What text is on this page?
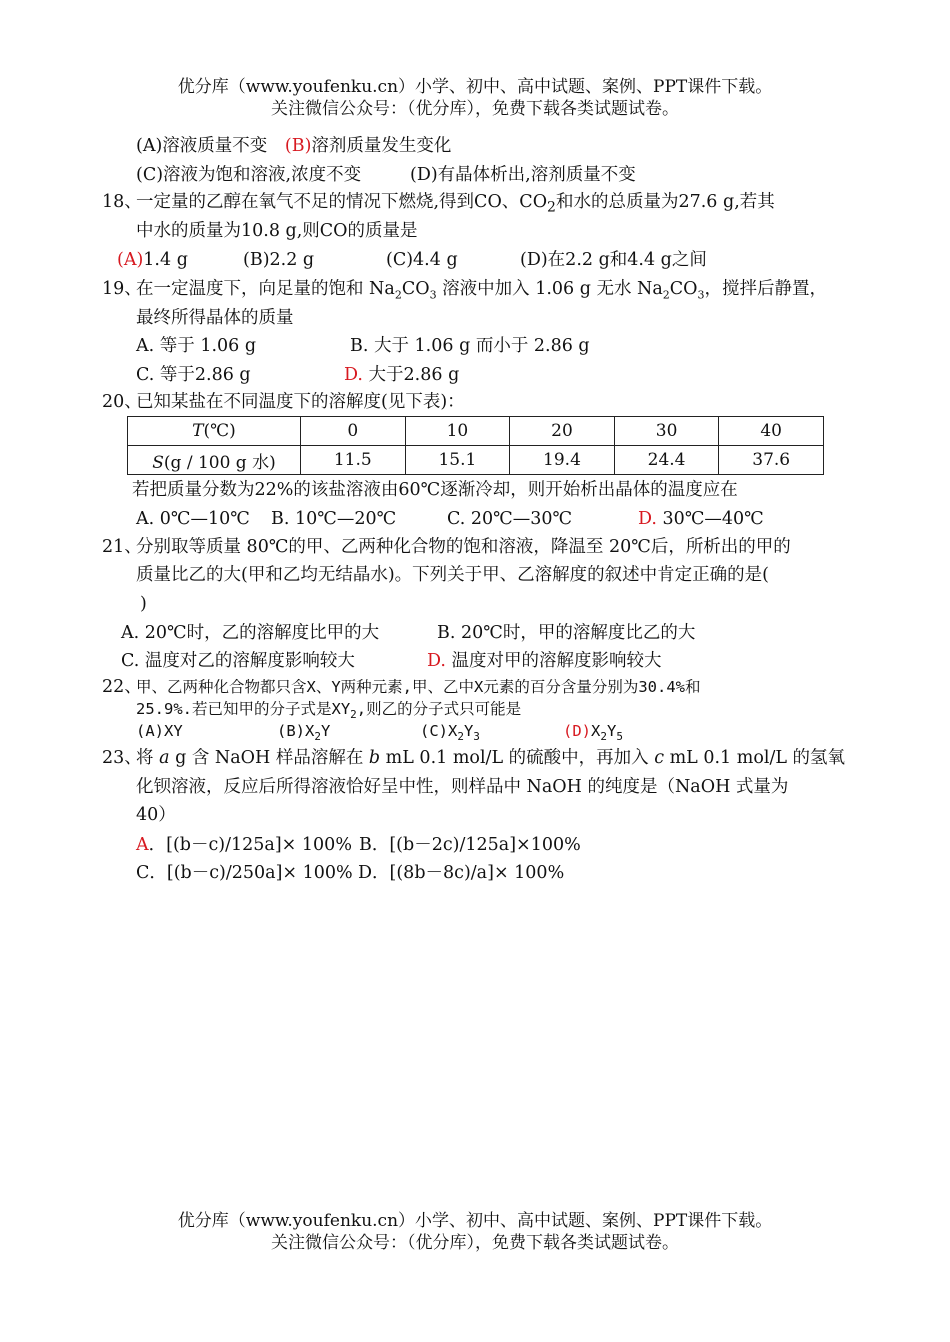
优分库（www.youfenku.cn）小学、初中、高中试题、案例、PPT课件下载。
关注微信公众号：（优分库），免费下载各类试题试卷。
(A)溶液质量不变 (B)溶剂质量发生变化
(C)溶液为饱和溶液,浓度不变	(D)有晶体析出,溶剂质量不变
18、
一定量的乙醇在氧气不足的情况下燃烧,得到CO、$CO_2$和水的总质量为27.6 g,若其
中水的质量为10.8 g,则CO的质量是
(A)1.4 g	(B)2.2 g	(C)4.4 g	(D)在2.2 g和4.4 g之间
19、
在一定温度下，向足量的饱和 $Na_2CO_3$ 溶液中加入 1.06 g 无水 $Na_2CO_3$，搅拌后静置，
最终所得晶体的质量
A. 等于 1.06 g	B. 大于 1.06 g 而小于 2.86 g
C. 等于2.86 g	D. 大于2.86 g
20、
已知某盐在不同温度下的溶解度(见下表)：
T(℃)	0	10	20	30	40
S(g / 100 g 水)	11.5	15.1	19.4	24.4	37.6
若把质量分数为22%的该盐溶液由60℃逐渐冷却，则开始析出晶体的温度应在
A. 0℃—10℃ B. 10℃—20℃	C. 20℃—30℃	D. 30℃—40℃
21、
分别取等质量 80℃的甲、乙两种化合物的饱和溶液，降温至 20℃后，所析出的甲的
质量比乙的大(甲和乙均无结晶水)。下列关于甲、乙溶解度的叙述中肯定正确的是(
)
A. 20℃时，乙的溶解度比甲的大	B. 20℃时，甲的溶解度比乙的大
C. 温度对乙的溶解度影响较大	D. 温度对甲的溶解度影响较大
22、
甲、乙两种化合物都只含X、Y两种元素,甲、乙中X元素的百分含量分别为30.4%和
25.9%.若已知甲的分子式是$XY_2$,则乙的分子式只可能是
(A)XY	$(B)X_2Y$	$(C)X_2Y_3$	$(D)X_2Y_5$
23、
将 a g 含 NaOH 样品溶解在 b mL 0.1 mol/L 的硫酸中，再加入 c mL 0.1 mol/L 的氢氧
化钡溶液，反应后所得溶液恰好呈中性，则样品中 NaOH 的纯度是（NaOH 式量为
40）
A．[(b－c)/125a]× 100% B．[(b－2c)/125a]×100%
C．[(b－c)/250a]× 100% D．[(8b－8c)/a]× 100%
优分库（www.youfenku.cn）小学、初中、高中试题、案例、PPT课件下载。
关注微信公众号：（优分库），免费下载各类试题试卷。
